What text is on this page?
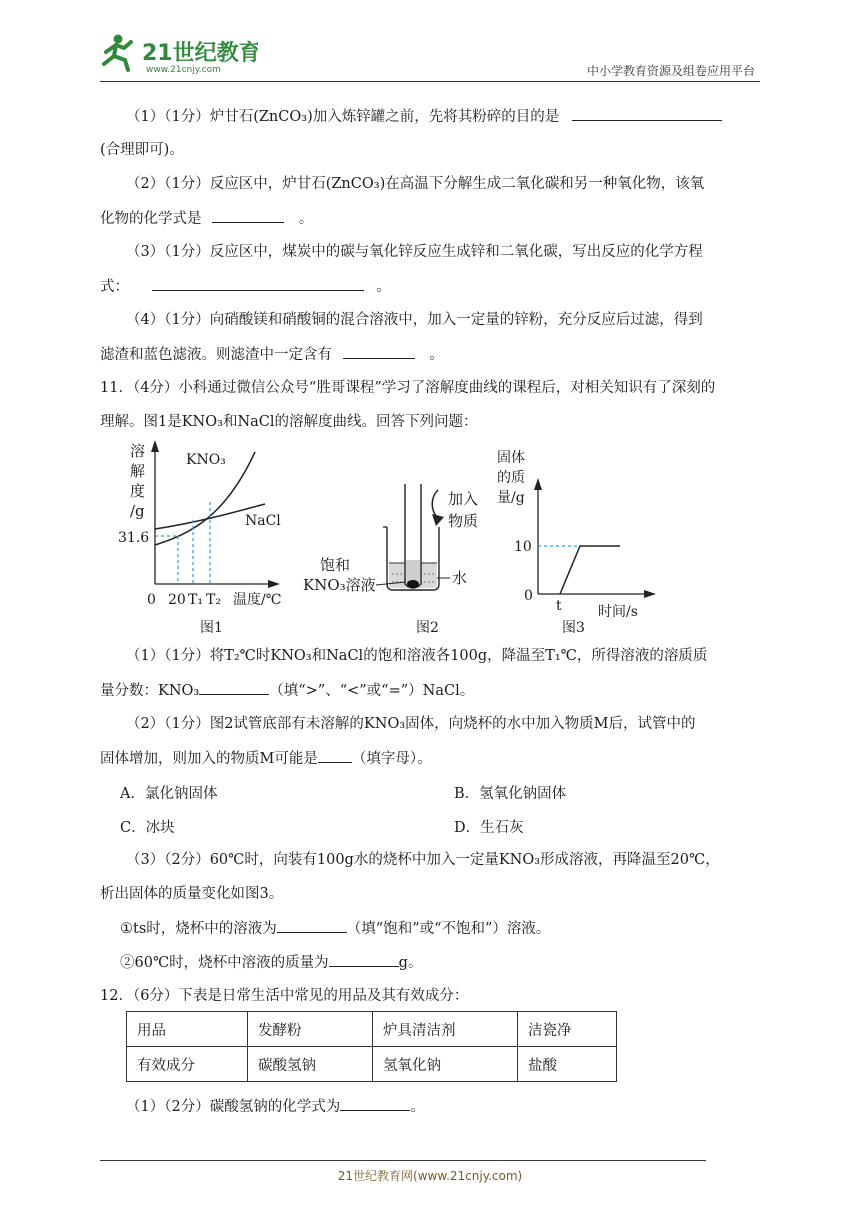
21世纪教育
www.21cnjy.com	中小学教育资源及组卷应用平台
（1）（1分）炉甘石(ZnCO₃)加入炼锌罐之前，先将其粉碎的目的是
(合理即可)。
（2）（1分）反应区中，炉甘石(ZnCO₃)在高温下分解生成二氧化碳和另一种氧化物，该氧
化物的化学式是	。
（3）（1分）反应区中，煤炭中的碳与氧化锌反应生成锌和二氧化碳，写出反应的化学方程
式：	。
（4）（1分）向硝酸镁和硝酸铜的混合溶液中，加入一定量的锌粉，充分反应后过滤，得到
滤渣和蓝色滤液。则滤渣中一定含有	。
11．（4分）小科通过微信公众号“胜哥课程”学习了溶解度曲线的课程后，对相关知识有了深刻的
理解。图1是KNO₃和NaCl的溶解度曲线。回答下列问题：
溶
解
度
/g
31.6
0 20 T₁ T₂ 温度/℃
KNO₃
NaCl
图1
加入
物质
饱和
KNO₃溶液	水
图2
固体
的质
量/g
10
0
t	时间/s
图3
（1）（1分）将T₂℃时KNO₃和NaCl的饱和溶液各100g，降温至T₁℃，所得溶液的溶质质
量分数：KNO₃	（填“>”、“<”或“=”）NaCl。
（2）（1分）图2试管底部有未溶解的KNO₃固体，向烧杯的水中加入物质M后，试管中的
固体增加，则加入的物质M可能是 （填字母）。
A．氯化钠固体	B．氢氧化钠固体
C．冰块	D．生石灰
（3）（2分）60℃时，向装有100g水的烧杯中加入一定量KNO₃形成溶液，再降温至20℃，
析出固体的质量变化如图3。
①ts时，烧杯中的溶液为	（填“饱和”或“不饱和”）溶液。
②60℃时，烧杯中溶液的质量为	g。
12．（6分）下表是日常生活中常见的用品及其有效成分：
用品	发酵粉	炉具清洁剂	洁瓷净
有效成分	碳酸氢钠	氢氧化钠	盐酸
（1）（2分）碳酸氢钠的化学式为	。
21世纪教育网(www.21cnjy.com)
